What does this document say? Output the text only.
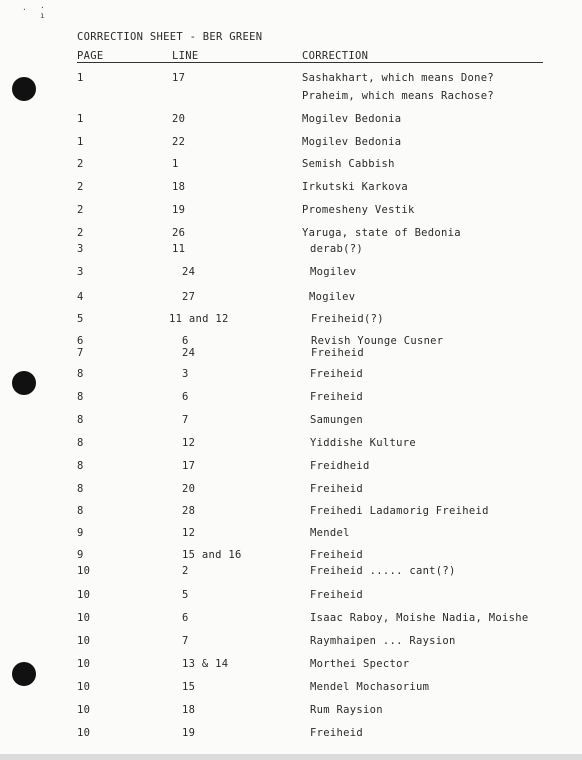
· ·
ı
CORRECTION SHEET - BER GREEN
PAGE	LINE	CORRECTION
1	17	Sashakhart, which means Done?
Praheim, which means Rachose?
1	20	Mogilev Bedonia
1	22	Mogilev Bedonia
2	1	Semish Cabbish
2	18	Irkutski Karkova
2	19	Promesheny Vestik
2	26	Yaruga, state of Bedonia
3	11	derab(?)
3	24	Mogilev
4	27	Mogilev
5	11 and 12	Freiheid(?)
6	6	Revish Younge Cusner
7	24	Freiheid
8	3	Freiheid
8	6	Freiheid
8	7	Samungen
8	12	Yiddishe Kulture
8	17	Freidheid
8	20	Freiheid
8	28	Freihedi Ladamorig Freiheid
9	12	Mendel
9	15 and 16	Freiheid
10	2	Freiheid ..... cant(?)
10	5	Freiheid
10	6	Isaac Raboy, Moishe Nadia, Moishe
10	7	Raymhaipen ... Raysion
10	13 & 14	Morthei Spector
10	15	Mendel Mochasorium
10	18	Rum Raysion
10	19	Freiheid
